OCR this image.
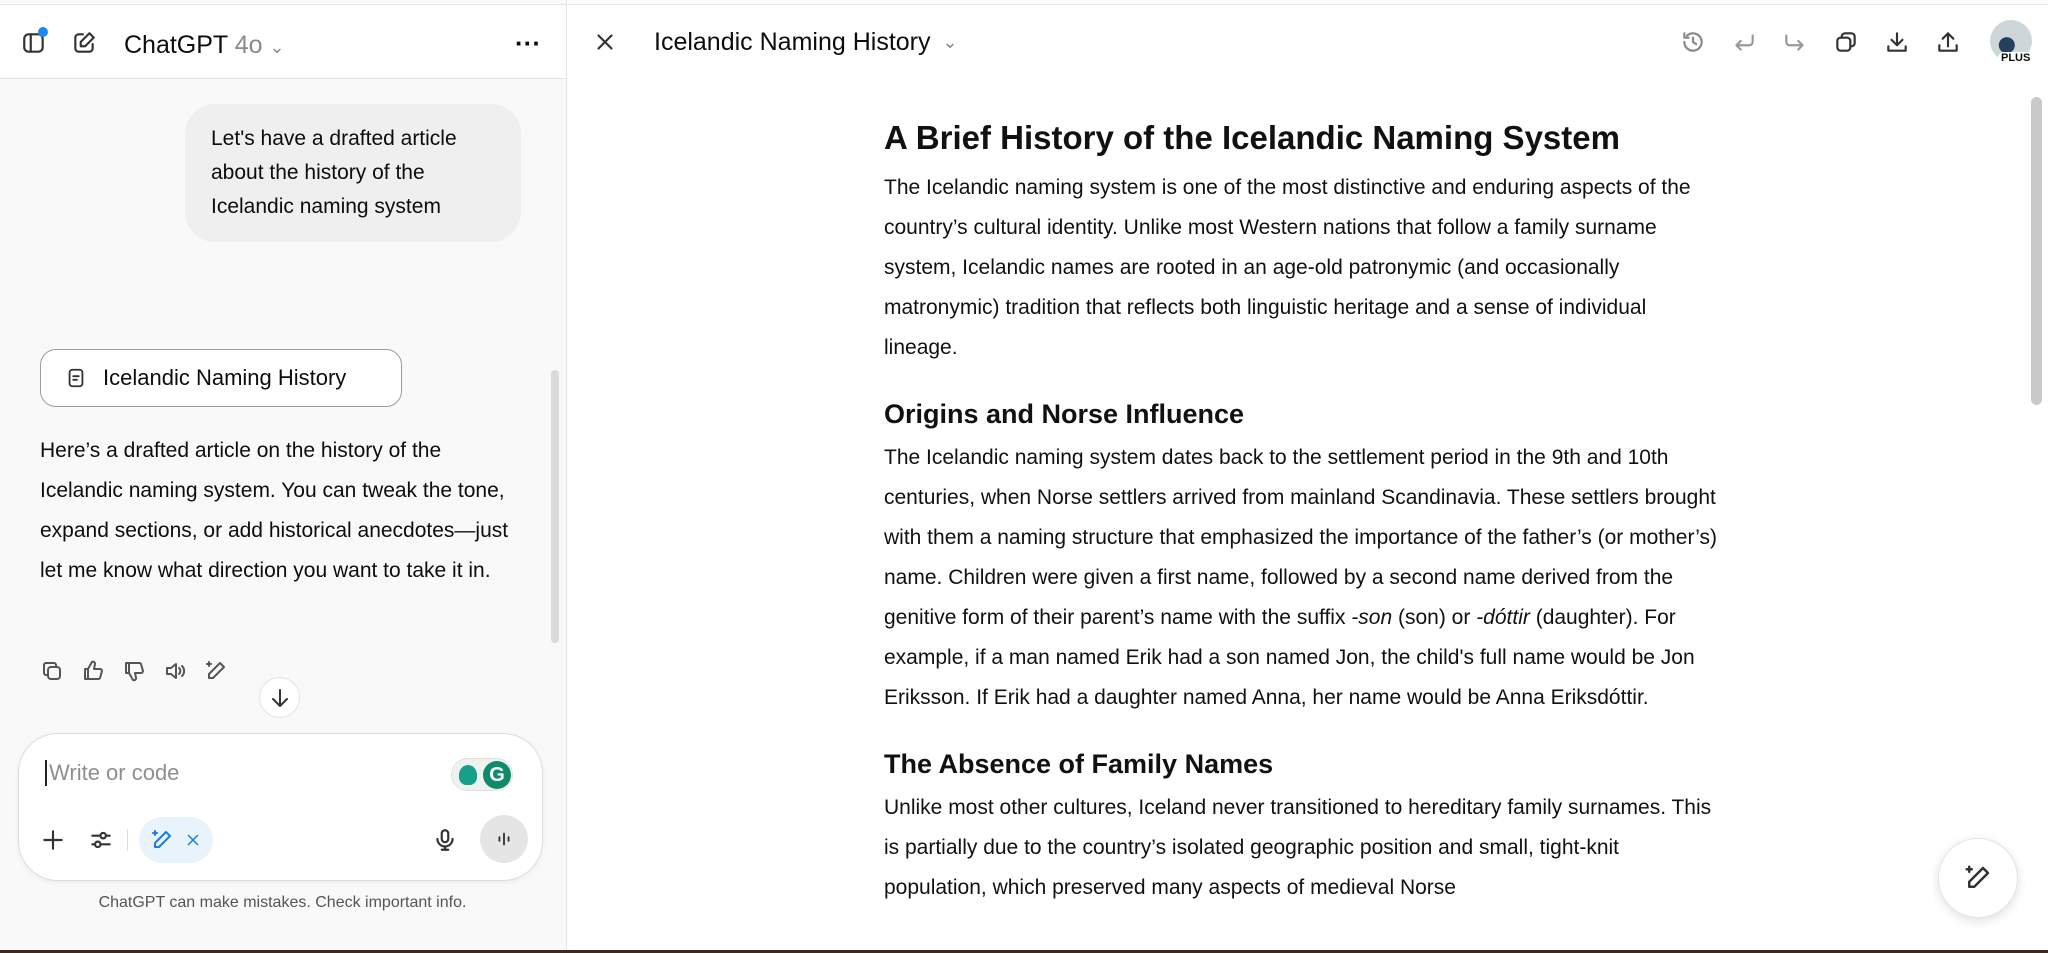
ChatGPT 4o ⌄	···
Let's have a drafted article about the history of the Icelandic naming system
Icelandic Naming History
Here’s a drafted article on the history of the Icelandic naming system. You can tweak the tone, expand sections, or add historical anecdotes—just let me know what direction you want to take it in.
Write or code
G
ChatGPT can make mistakes. Check important info.
Icelandic Naming History ⌄
PLUS
A Brief History of the Icelandic Naming System

The Icelandic naming system is one of the most distinctive and enduring aspects of the country’s cultural identity. Unlike most Western nations that follow a family surname system, Icelandic names are rooted in an age-old patronymic (and occasionally matronymic) tradition that reflects both linguistic heritage and a sense of individual lineage.

Origins and Norse Influence

The Icelandic naming system dates back to the settlement period in the 9th and 10th centuries, when Norse settlers arrived from mainland Scandinavia. These settlers brought with them a naming structure that emphasized the importance of the father’s (or mother’s) name. Children were given a first name, followed by a second name derived from the genitive form of their parent’s name with the suffix -son (son) or -dóttir (daughter). For example, if a man named Erik had a son named Jon, the child's full name would be Jon Eriksson. If Erik had a daughter named Anna, her name would be Anna Eriksdóttir.

The Absence of Family Names

Unlike most other cultures, Iceland never transitioned to hereditary family surnames. This is partially due to the country’s isolated geographic position and small, tight-knit population, which preserved many aspects of medieval Norse
